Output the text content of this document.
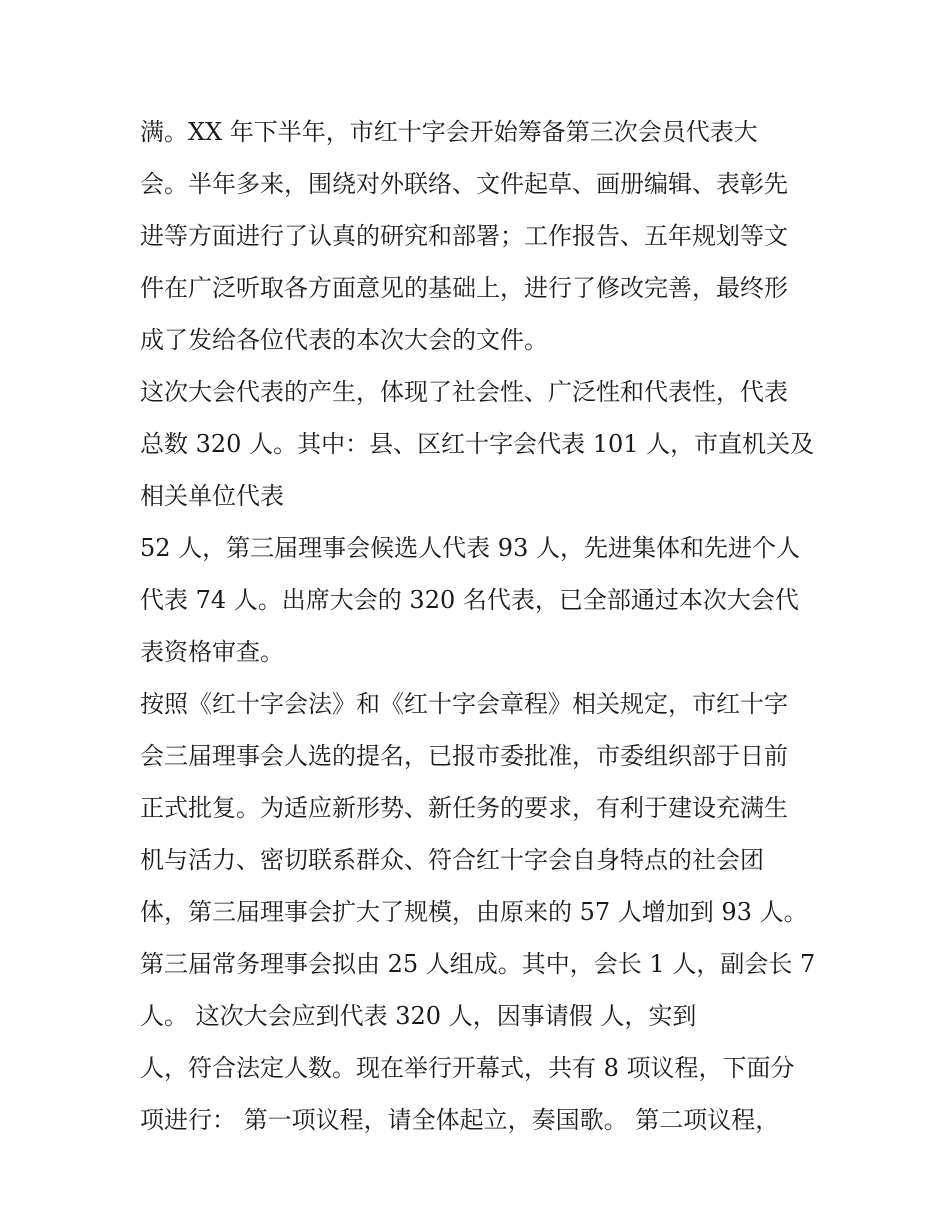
满。XX 年下半年，市红十字会开始筹备第三次会员代表大
会。半年多来，围绕对外联络、文件起草、画册编辑、表彰先
进等方面进行了认真的研究和部署；工作报告、五年规划等文
件在广泛听取各方面意见的基础上，进行了修改完善，最终形
成了发给各位代表的本次大会的文件。
这次大会代表的产生，体现了社会性、广泛性和代表性，代表
总数 320 人。其中：县、区红十字会代表 101 人，市直机关及
相关单位代表
52 人，第三届理事会候选人代表 93 人，先进集体和先进个人
代表 74 人。出席大会的 320 名代表，已全部通过本次大会代
表资格审查。
按照《红十字会法》和《红十字会章程》相关规定，市红十字
会三届理事会人选的提名，已报市委批准，市委组织部于日前
正式批复。为适应新形势、新任务的要求，有利于建设充满生
机与活力、密切联系群众、符合红十字会自身特点的社会团
体，第三届理事会扩大了规模，由原来的 57 人增加到 93 人。
第三届常务理事会拟由 25 人组成。其中，会长 1 人，副会长 7
人。 这次大会应到代表 320 人，因事请假 人，实到
人，符合法定人数。现在举行开幕式，共有 8 项议程，下面分
项进行： 第一项议程，请全体起立，奏国歌。 第二项议程，
